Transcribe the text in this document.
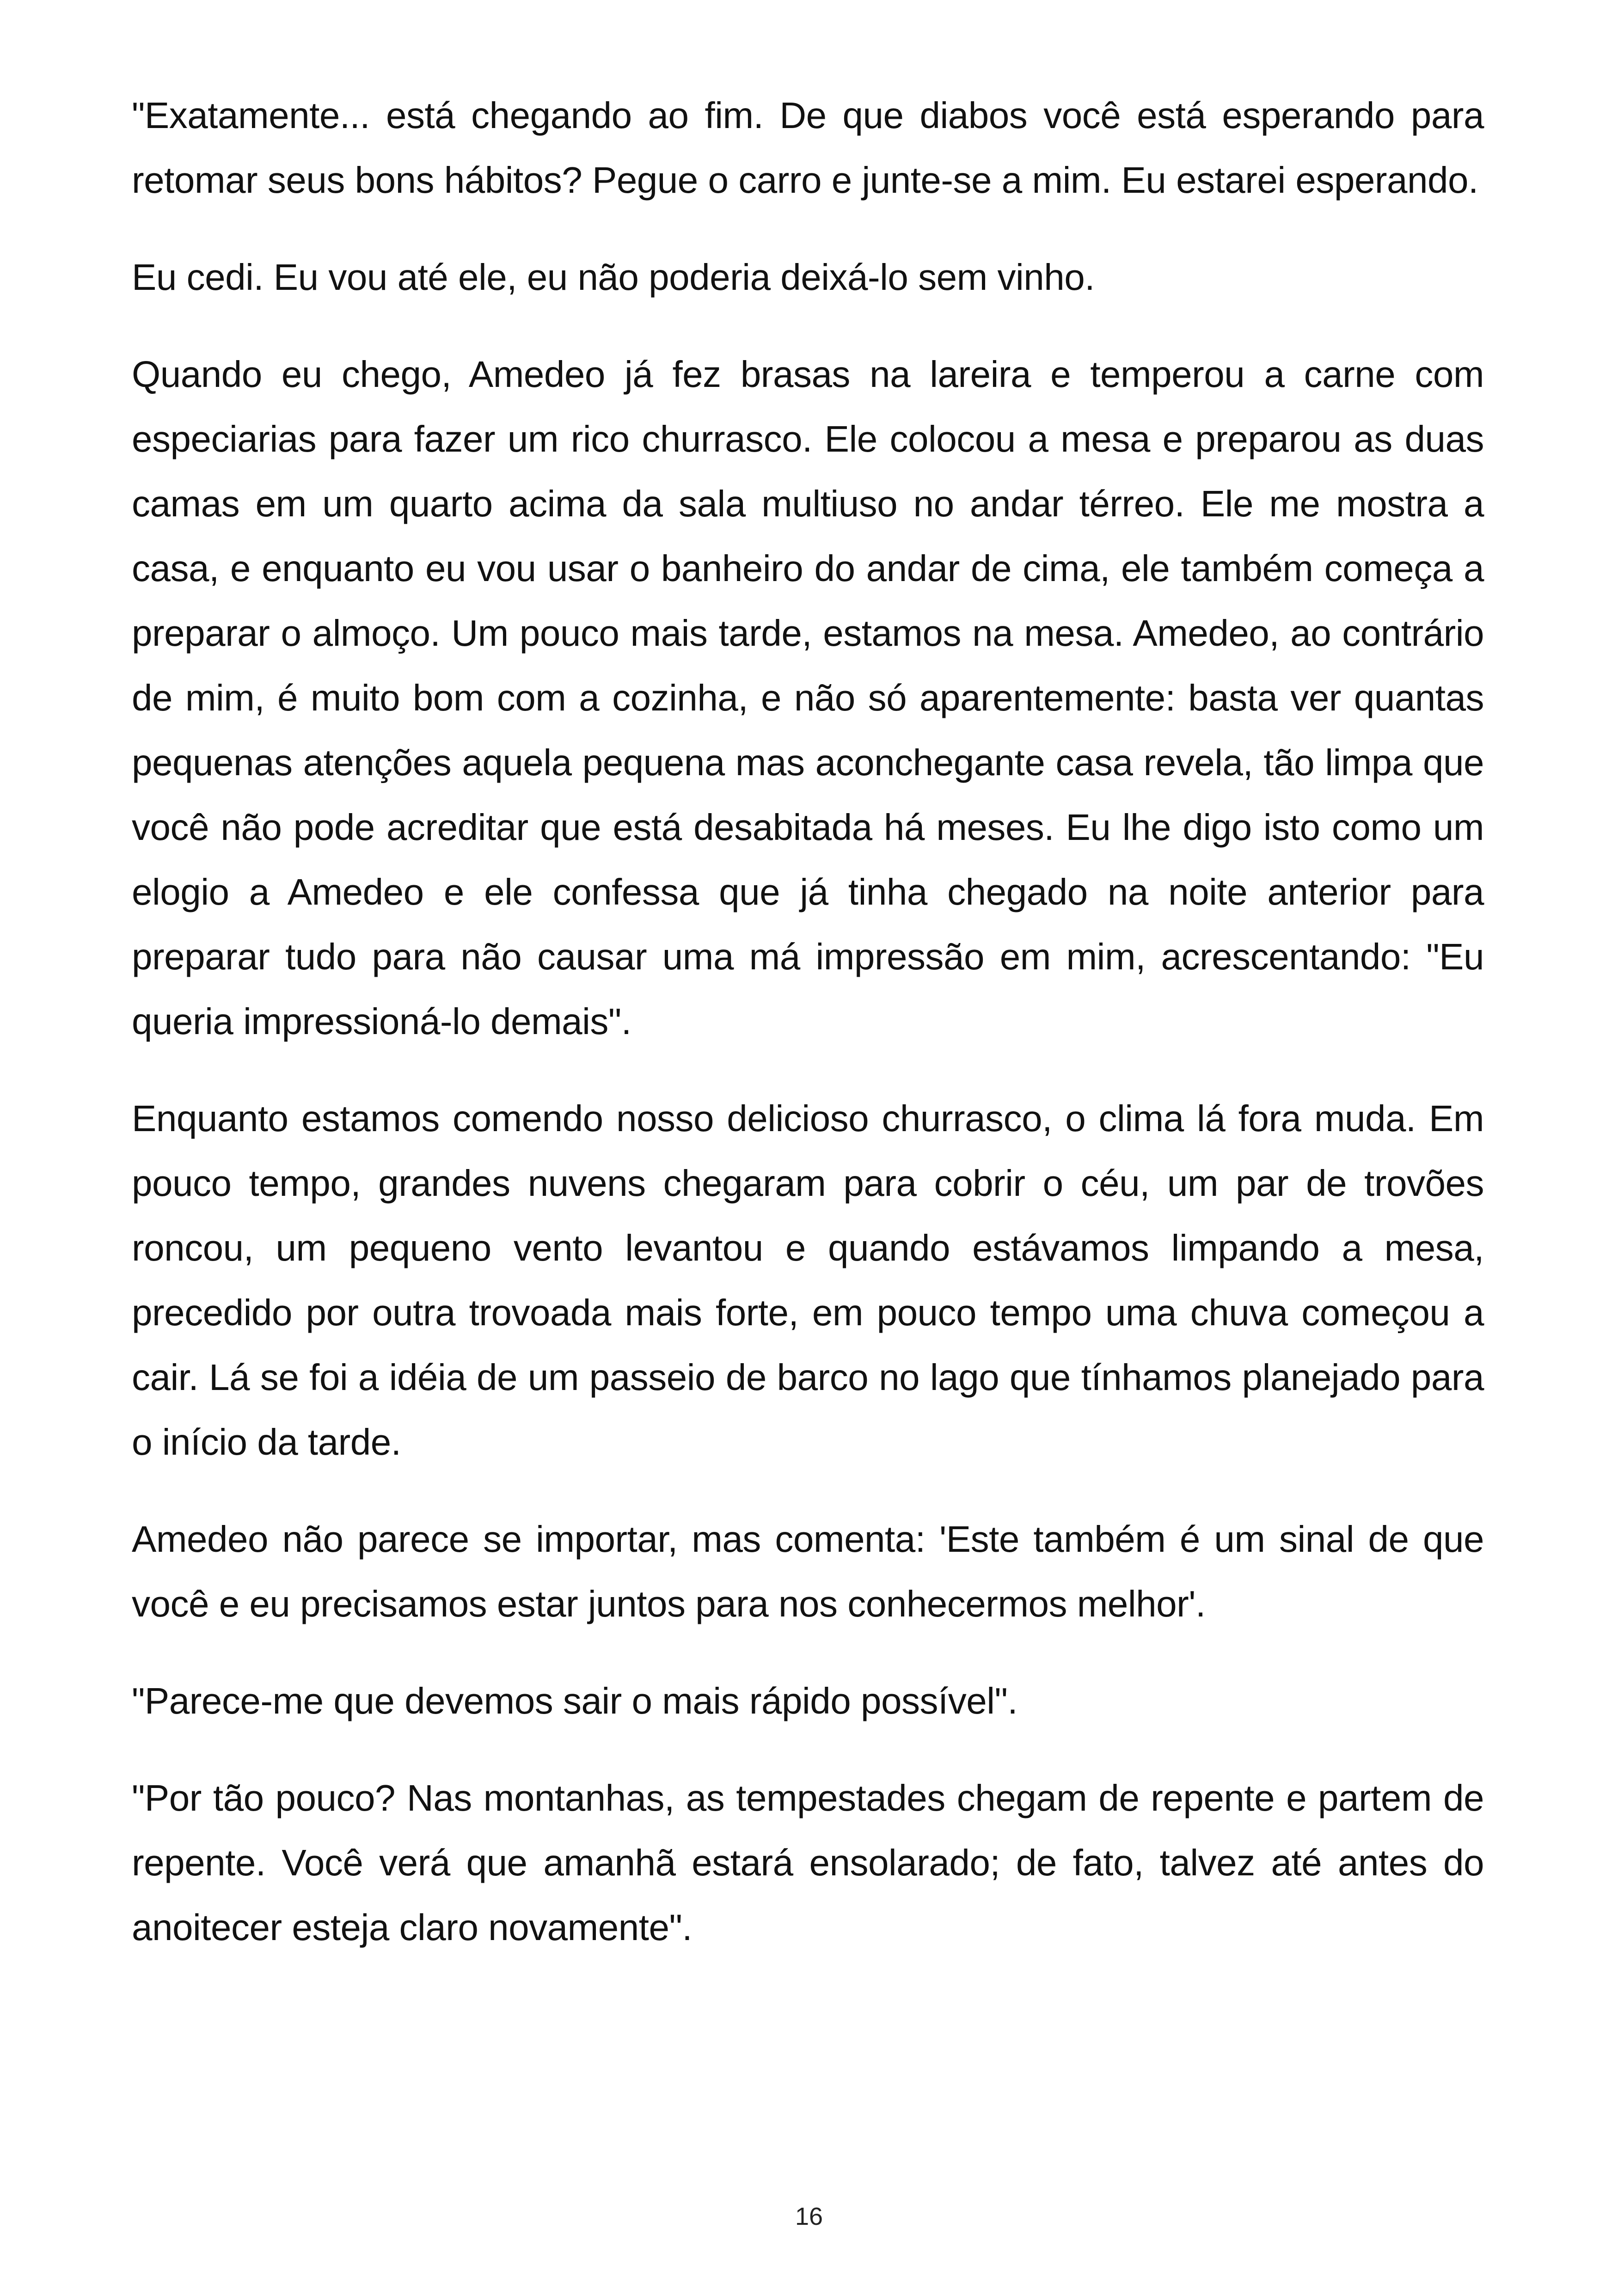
"Exatamente... está chegando ao fim. De que diabos você está esperando para retomar seus bons hábitos? Pegue o carro e junte-se a mim. Eu estarei esperando.

Eu cedi. Eu vou até ele, eu não poderia deixá-lo sem vinho.

Quando eu chego, Amedeo já fez brasas na lareira e temperou a carne com especiarias para fazer um rico churrasco. Ele colocou a mesa e preparou as duas camas em um quarto acima da sala multiuso no andar térreo. Ele me mostra a casa, e enquanto eu vou usar o banheiro do andar de cima, ele também começa a preparar o almoço. Um pouco mais tarde, estamos na mesa. Amedeo, ao contrário de mim, é muito bom com a cozinha, e não só aparentemente: basta ver quantas pequenas atenções aquela pequena mas aconchegante casa revela, tão limpa que você não pode acreditar que está desabitada há meses. Eu lhe digo isto como um elogio a Amedeo e ele confessa que já tinha chegado na noite anterior para preparar tudo para não causar uma má impressão em mim, acrescentando: "Eu queria impressioná-lo demais".

Enquanto estamos comendo nosso delicioso churrasco, o clima lá fora muda. Em pouco tempo, grandes nuvens chegaram para cobrir o céu, um par de trovões roncou, um pequeno vento levantou e quando estávamos limpando a mesa, precedido por outra trovoada mais forte, em pouco tempo uma chuva começou a cair. Lá se foi a idéia de um passeio de barco no lago que tínhamos planejado para o início da tarde.

Amedeo não parece se importar, mas comenta: 'Este também é um sinal de que você e eu precisamos estar juntos para nos conhecermos melhor'.

"Parece-me que devemos sair o mais rápido possível".

"Por tão pouco? Nas montanhas, as tempestades chegam de repente e partem de repente. Você verá que amanhã estará ensolarado; de fato, talvez até antes do anoitecer esteja claro novamente".

16
